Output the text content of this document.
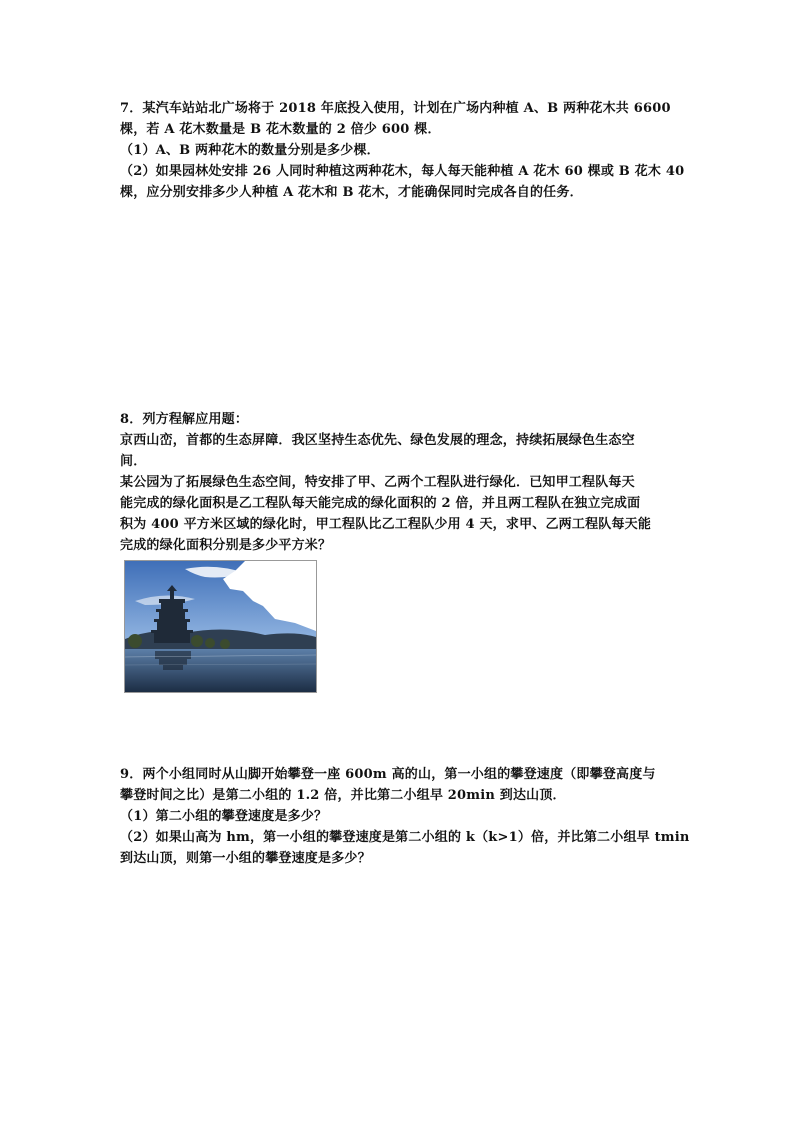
7．某汽车站站北广场将于 2018 年底投入使用，计划在广场内种植 A、B 两种花木共 6600
棵，若 A 花木数量是 B 花木数量的 2 倍少 600 棵．
（1）A、B 两种花木的数量分别是多少棵．
（2）如果园林处安排 26 人同时种植这两种花木，每人每天能种植 A 花木 60 棵或 B 花木 40
棵，应分别安排多少人种植 A 花木和 B 花木，才能确保同时完成各自的任务．
8．列方程解应用题：
京西山峦，首都的生态屏障．我区坚持生态优先、绿色发展的理念，持续拓展绿色生态空
间．
某公园为了拓展绿色生态空间，特安排了甲、乙两个工程队进行绿化．已知甲工程队每天
能完成的绿化面积是乙工程队每天能完成的绿化面积的 2 倍，并且两工程队在独立完成面
积为 400 平方米区域的绿化时，甲工程队比乙工程队少用 4 天，求甲、乙两工程队每天能
完成的绿化面积分别是多少平方米？
9．两个小组同时从山脚开始攀登一座 600m 高的山，第一小组的攀登速度（即攀登高度与
攀登时间之比）是第二小组的 1.2 倍，并比第二小组早 20min 到达山顶．
（1）第二小组的攀登速度是多少？
（2）如果山高为 hm，第一小组的攀登速度是第二小组的 k（k>1）倍，并比第二小组早 tmin
到达山顶，则第一小组的攀登速度是多少？
